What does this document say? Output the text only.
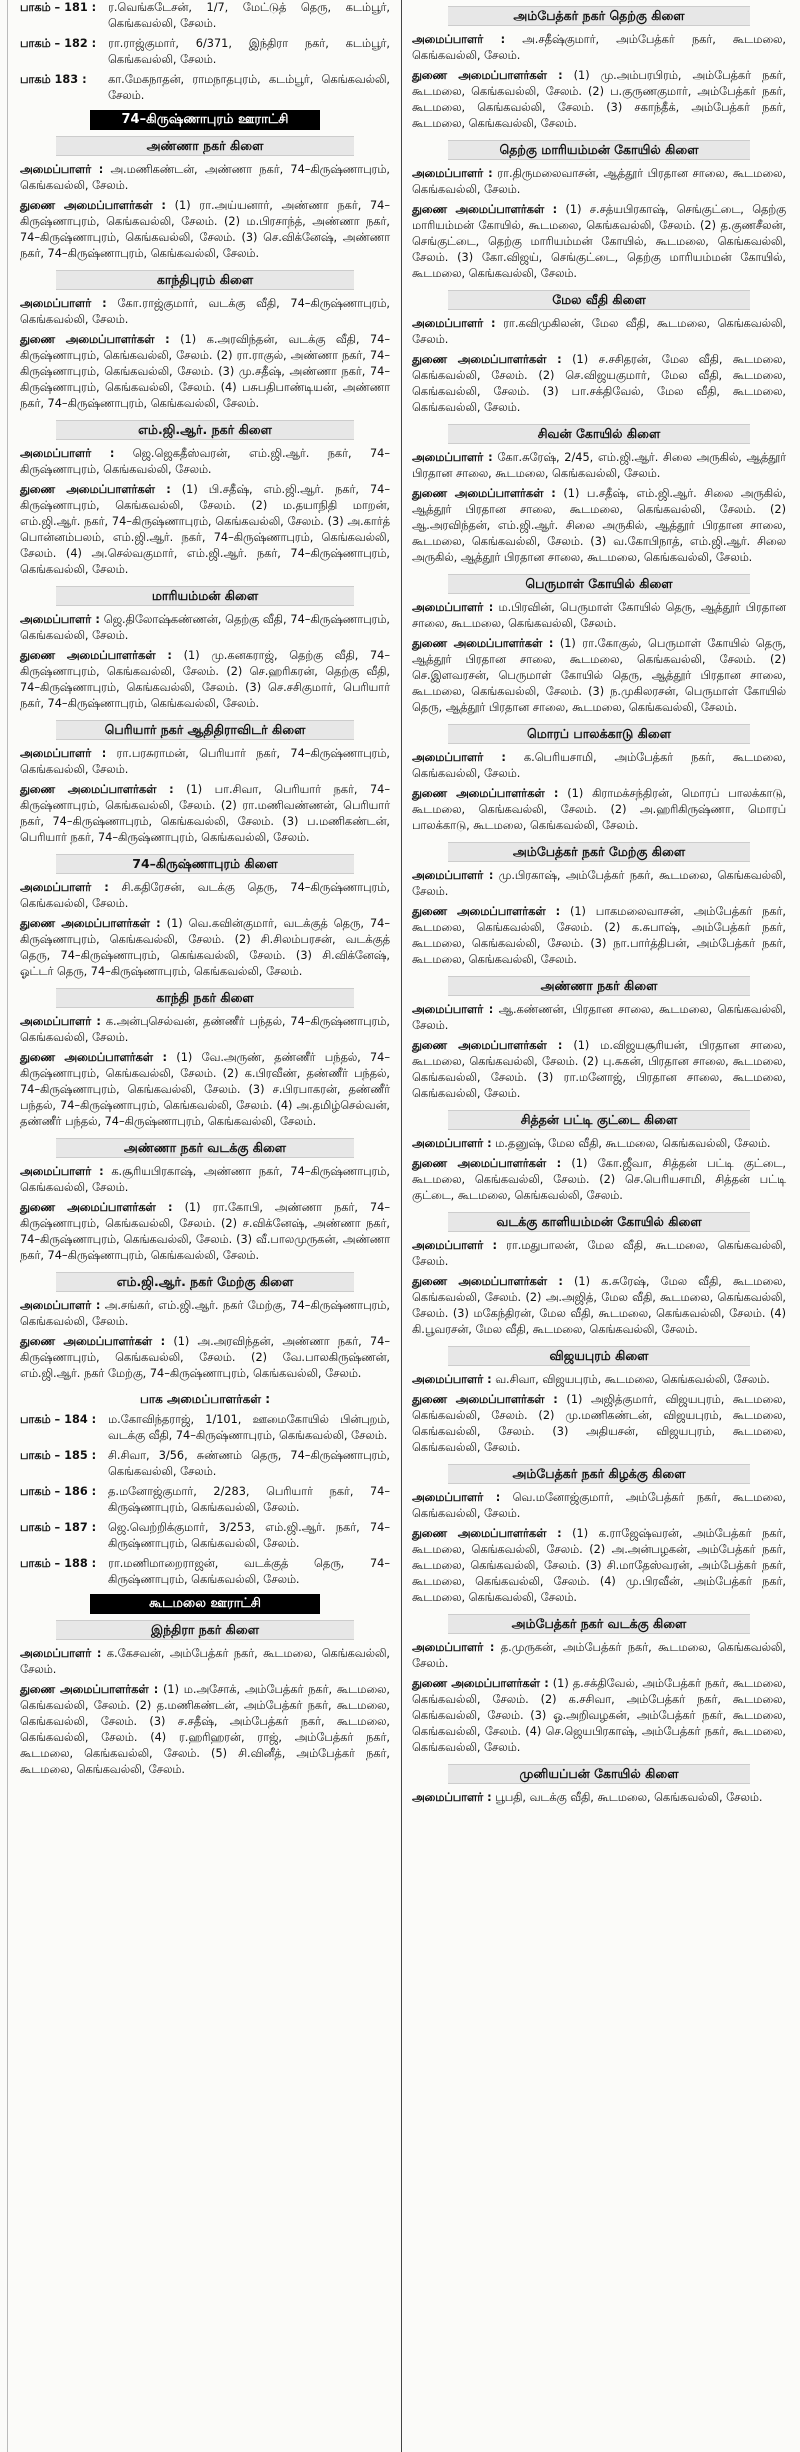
பாகம் – 181 :	ர.வெங்கடேசன், 1/7, மேட்டுத் தெரு, கடம்பூர், கெங்கவல்லி, சேலம்.
பாகம் – 182 :	ரா.ராஜ்குமார், 6/371, இந்திரா நகர், கடம்பூர், கெங்கவல்லி, சேலம்.
பாகம் 183 :	கா.மேகநாதன், ராமநாதபுரம், கடம்பூர், கெங்கவல்லி, சேலம்.
74–கிருஷ்ணாபுரம் ஊராட்சி
அண்ணா நகர் கிளை

அமைப்பாளர் : அ.மணிகண்டன், அண்ணா நகர், 74–கிருஷ்ணாபுரம், கெங்கவல்லி, சேலம்.

துணை அமைப்பாளர்கள் : (1) ரா.அய்யனார், அண்ணா நகர், 74–கிருஷ்ணாபுரம், கெங்கவல்லி, சேலம். (2) ம.பிரசாந்த், அண்ணா நகர், 74–கிருஷ்ணாபுரம், கெங்கவல்லி, சேலம். (3) செ.விக்னேஷ், அண்ணா நகர், 74–கிருஷ்ணாபுரம், கெங்கவல்லி, சேலம்.

காந்திபுரம் கிளை

அமைப்பாளர் : கோ.ராஜ்குமார், வடக்கு வீதி, 74–கிருஷ்ணாபுரம், கெங்கவல்லி, சேலம்.

துணை அமைப்பாளர்கள் : (1) க.அரவிந்தன், வடக்கு வீதி, 74–கிருஷ்ணாபுரம், கெங்கவல்லி, சேலம். (2) ரா.ராகுல், அண்ணா நகர், 74–கிருஷ்ணாபுரம், கெங்கவல்லி, சேலம். (3) மு.சதீஷ், அண்ணா நகர், 74–கிருஷ்ணாபுரம், கெங்கவல்லி, சேலம். (4) பசுபதிபாண்டியன், அண்ணா நகர், 74–கிருஷ்ணாபுரம், கெங்கவல்லி, சேலம்.

எம்.ஜி.ஆர். நகர் கிளை

அமைப்பாளர் : ஜெ.ஜெகதீஸ்வரன், எம்.ஜி.ஆர். நகர், 74–கிருஷ்ணாபுரம், கெங்கவல்லி, சேலம்.

துணை அமைப்பாளர்கள் : (1) பி.சதீஷ், எம்.ஜி.ஆர். நகர், 74–கிருஷ்ணாபுரம், கெங்கவல்லி, சேலம். (2) ம.தயாநிதி மாறன், எம்.ஜி.ஆர். நகர், 74–கிருஷ்ணாபுரம், கெங்கவல்லி, சேலம். (3) அ.கார்த் பொன்னம்பலம், எம்.ஜி.ஆர். நகர், 74–கிருஷ்ணாபுரம், கெங்கவல்லி, சேலம். (4) அ.செல்வகுமார், எம்.ஜி.ஆர். நகர், 74–கிருஷ்ணாபுரம், கெங்கவல்லி, சேலம்.

மாரியம்மன் கிளை

அமைப்பாளர் : ஜெ.திலோஷ்கண்ணன், தெற்கு வீதி, 74–கிருஷ்ணாபுரம், கெங்கவல்லி, சேலம்.

துணை அமைப்பாளர்கள் : (1) மு.கனகராஜ், தெற்கு வீதி, 74–கிருஷ்ணாபுரம், கெங்கவல்லி, சேலம். (2) செ.ஹரிகரன், தெற்கு வீதி, 74–கிருஷ்ணாபுரம், கெங்கவல்லி, சேலம். (3) செ.சசிகுமார், பெரியார் நகர், 74–கிருஷ்ணாபுரம், கெங்கவல்லி, சேலம்.

பெரியார் நகர் ஆதிதிராவிடர் கிளை

அமைப்பாளர் : ரா.பரசுராமன், பெரியார் நகர், 74–கிருஷ்ணாபுரம், கெங்கவல்லி, சேலம்.

துணை அமைப்பாளர்கள் : (1) பா.சிவா, பெரியார் நகர், 74–கிருஷ்ணாபுரம், கெங்கவல்லி, சேலம். (2) ரா.மணிவண்ணன், பெரியார் நகர், 74–கிருஷ்ணாபுரம், கெங்கவல்லி, சேலம். (3) ப.மணிகண்டன், பெரியார் நகர், 74–கிருஷ்ணாபுரம், கெங்கவல்லி, சேலம்.

74–கிருஷ்ணாபுரம் கிளை

அமைப்பாளர் : சி.கதிரேசன், வடக்கு தெரு, 74–கிருஷ்ணாபுரம், கெங்கவல்லி, சேலம்.

துணை அமைப்பாளர்கள் : (1) வெ.கவின்குமார், வடக்குத் தெரு, 74–கிருஷ்ணாபுரம், கெங்கவல்லி, சேலம். (2) சி.சிலம்பரசன், வடக்குத் தெரு, 74–கிருஷ்ணாபுரம், கெங்கவல்லி, சேலம். (3) சி.விக்னேஷ், ஓட்டர் தெரு, 74–கிருஷ்ணாபுரம், கெங்கவல்லி, சேலம்.

காந்தி நகர் கிளை

அமைப்பாளர் : க.அன்புசெல்வன், தண்ணீர் பந்தல், 74–கிருஷ்ணாபுரம், கெங்கவல்லி, சேலம்.

துணை அமைப்பாளர்கள் : (1) வே.அருண், தண்ணீர் பந்தல், 74–கிருஷ்ணாபுரம், கெங்கவல்லி, சேலம். (2) க.பிரவீண், தண்ணீர் பந்தல், 74–கிருஷ்ணாபுரம், கெங்கவல்லி, சேலம். (3) ச.பிரபாகரன், தண்ணீர் பந்தல், 74–கிருஷ்ணாபுரம், கெங்கவல்லி, சேலம். (4) அ.தமிழ்செல்வன், தண்ணீர் பந்தல், 74–கிருஷ்ணாபுரம், கெங்கவல்லி, சேலம்.

அண்ணா நகர் வடக்கு கிளை

அமைப்பாளர் : க.சூரியபிரகாஷ், அண்ணா நகர், 74–கிருஷ்ணாபுரம், கெங்கவல்லி, சேலம்.

துணை அமைப்பாளர்கள் : (1) ரா.கோபி, அண்ணா நகர், 74–கிருஷ்ணாபுரம், கெங்கவல்லி, சேலம். (2) ச.விக்னேஷ், அண்ணா நகர், 74–கிருஷ்ணாபுரம், கெங்கவல்லி, சேலம். (3) வீ.பாலமுருகன், அண்ணா நகர், 74–கிருஷ்ணாபுரம், கெங்கவல்லி, சேலம்.

எம்.ஜி.ஆர். நகர் மேற்கு கிளை

அமைப்பாளர் : அ.சங்கர், எம்.ஜி.ஆர். நகர் மேற்கு, 74–கிருஷ்ணாபுரம், கெங்கவல்லி, சேலம்.

துணை அமைப்பாளர்கள் : (1) அ.அரவிந்தன், அண்ணா நகர், 74–கிருஷ்ணாபுரம், கெங்கவல்லி, சேலம். (2) வே.பாலகிருஷ்ணன், எம்.ஜி.ஆர். நகர் மேற்கு, 74–கிருஷ்ணாபுரம், கெங்கவல்லி, சேலம்.

பாக அமைப்பாளர்கள் :
பாகம் – 184 :	ம.கோவிந்தராஜ், 1/101, ஊமைகோயில் பின்புறம், வடக்கு வீதி, 74–கிருஷ்ணாபுரம், கெங்கவல்லி, சேலம்.
பாகம் – 185 :	சி.சிவா, 3/56, சுண்ணம் தெரு, 74–கிருஷ்ணாபுரம், கெங்கவல்லி, சேலம்.
பாகம் – 186 :	த.மனோஜ்குமார், 2/283, பெரியார் நகர், 74–கிருஷ்ணாபுரம், கெங்கவல்லி, சேலம்.
பாகம் – 187 :	ஜெ.வெற்றிக்குமார், 3/253, எம்.ஜி.ஆர். நகர், 74–கிருஷ்ணாபுரம், கெங்கவல்லி, சேலம்.
பாகம் – 188 :	ரா.மணிமாறைராஜன், வடக்குத் தெரு, 74–கிருஷ்ணாபுரம், கெங்கவல்லி, சேலம்.
கூடமலை ஊராட்சி
இந்திரா நகர் கிளை

அமைப்பாளர் : க.கேசவன், அம்பேத்கர் நகர், கூடமலை, கெங்கவல்லி, சேலம்.

துணை அமைப்பாளர்கள் : (1) ம.அசோக், அம்பேத்கர் நகர், கூடமலை, கெங்கவல்லி, சேலம். (2) த.மணிகண்டன், அம்பேத்கர் நகர், கூடமலை, கெங்கவல்லி, சேலம். (3) ச.சதீஷ், அம்பேத்கர் நகர், கூடமலை, கெங்கவல்லி, சேலம். (4) ர.ஹரிஹரன், ராஜ், அம்பேத்கர் நகர், கூடமலை, கெங்கவல்லி, சேலம். (5) சி.வினீத், அம்பேத்கர் நகர், கூடமலை, கெங்கவல்லி, சேலம்.

அம்பேத்கர் நகர் தெற்கு கிளை

அமைப்பாளர் : அ.சதீஷ்குமார், அம்பேத்கர் நகர், கூடமலை, கெங்கவல்லி, சேலம்.

துணை அமைப்பாளர்கள் : (1) மு.அம்பரபிரம், அம்பேத்கர் நகர், கூடமலை, கெங்கவல்லி, சேலம். (2) ப.குருணகுமார், அம்பேத்கர் நகர், கூடமலை, கெங்கவல்லி, சேலம். (3) சகாந்தீக், அம்பேத்கர் நகர், கூடமலை, கெங்கவல்லி, சேலம்.

தெற்கு மாரியம்மன் கோயில் கிளை

அமைப்பாளர் : ரா.திருமலைவாசன், ஆத்தூர் பிரதான சாலை, கூடமலை, கெங்கவல்லி, சேலம்.

துணை அமைப்பாளர்கள் : (1) ச.சத்யபிரகாஷ், செங்குட்டை, தெற்கு மாரியம்மன் கோயில், கூடமலை, கெங்கவல்லி, சேலம். (2) த.குணசீலன், செங்குட்டை, தெற்கு மாரியம்மன் கோயில், கூடமலை, கெங்கவல்லி, சேலம். (3) கோ.விஜய், செங்குட்டை, தெற்கு மாரியம்மன் கோயில், கூடமலை, கெங்கவல்லி, சேலம்.

மேல வீதி கிளை

அமைப்பாளர் : ரா.கவிமுகிலன், மேல வீதி, கூடமலை, கெங்கவல்லி, சேலம்.

துணை அமைப்பாளர்கள் : (1) ச.சசிதரன், மேல வீதி, கூடமலை, கெங்கவல்லி, சேலம். (2) செ.விஜயகுமார், மேல வீதி, கூடமலை, கெங்கவல்லி, சேலம். (3) பா.சக்திவேல், மேல வீதி, கூடமலை, கெங்கவல்லி, சேலம்.

சிவன் கோயில் கிளை

அமைப்பாளர் : கோ.சுரேஷ், 2/45, எம்.ஜி.ஆர். சிலை அருகில், ஆத்தூர் பிரதான சாலை, கூடமலை, கெங்கவல்லி, சேலம்.

துணை அமைப்பாளர்கள் : (1) ப.சதீஷ், எம்.ஜி.ஆர். சிலை அருகில், ஆத்தூர் பிரதான சாலை, கூடமலை, கெங்கவல்லி, சேலம். (2) ஆ.அரவிந்தன், எம்.ஜி.ஆர். சிலை அருகில், ஆத்தூர் பிரதான சாலை, கூடமலை, கெங்கவல்லி, சேலம். (3) வ.கோபிநாத், எம்.ஜி.ஆர். சிலை அருகில், ஆத்தூர் பிரதான சாலை, கூடமலை, கெங்கவல்லி, சேலம்.

பெருமாள் கோயில் கிளை

அமைப்பாளர் : ம.பிரவின், பெருமாள் கோயில் தெரு, ஆத்தூர் பிரதான சாலை, கூடமலை, கெங்கவல்லி, சேலம்.

துணை அமைப்பாளர்கள் : (1) ரா.கோகுல், பெருமாள் கோயில் தெரு, ஆத்தூர் பிரதான சாலை, கூடமலை, கெங்கவல்லி, சேலம். (2) செ.இளவரசன், பெருமாள் கோயில் தெரு, ஆத்தூர் பிரதான சாலை, கூடமலை, கெங்கவல்லி, சேலம். (3) ந.முகிலரசன், பெருமாள் கோயில் தெரு, ஆத்தூர் பிரதான சாலை, கூடமலை, கெங்கவல்லி, சேலம்.

மொரப் பாலக்காடு கிளை

அமைப்பாளர் : க.பெரியசாமி, அம்பேத்கர் நகர், கூடமலை, கெங்கவல்லி, சேலம்.

துணை அமைப்பாளர்கள் : (1) கிராமக்சந்திரன், மொரப் பாலக்காடு, கூடமலை, கெங்கவல்லி, சேலம். (2) அ.ஹரிகிருஷ்ணா, மொரப் பாலக்காடு, கூடமலை, கெங்கவல்லி, சேலம்.

அம்பேத்கர் நகர் மேற்கு கிளை

அமைப்பாளர் : மு.பிரகாஷ், அம்பேத்கர் நகர், கூடமலை, கெங்கவல்லி, சேலம்.

துணை அமைப்பாளர்கள் : (1) பாகமலைவாசன், அம்பேத்கர் நகர், கூடமலை, கெங்கவல்லி, சேலம். (2) க.சுபாஷ், அம்பேத்கர் நகர், கூடமலை, கெங்கவல்லி, சேலம். (3) நா.பார்த்திபன், அம்பேத்கர் நகர், கூடமலை, கெங்கவல்லி, சேலம்.

அண்ணா நகர் கிளை

அமைப்பாளர் : ஆ.கண்ணன், பிரதான சாலை, கூடமலை, கெங்கவல்லி, சேலம்.

துணை அமைப்பாளர்கள் : (1) ம.விஜயசூரியன், பிரதான சாலை, கூடமலை, கெங்கவல்லி, சேலம். (2) பு.சுகன், பிரதான சாலை, கூடமலை, கெங்கவல்லி, சேலம். (3) ரா.மனோஜ், பிரதான சாலை, கூடமலை, கெங்கவல்லி, சேலம்.

சித்தன் பட்டி குட்டை கிளை

அமைப்பாளர் : ம.தனுஷ், மேல வீதி, கூடமலை, கெங்கவல்லி, சேலம்.

துணை அமைப்பாளர்கள் : (1) கோ.ஜீவா, சித்தன் பட்டி குட்டை, கூடமலை, கெங்கவல்லி, சேலம். (2) செ.பெரியசாமி, சித்தன் பட்டி குட்டை, கூடமலை, கெங்கவல்லி, சேலம்.

வடக்கு காளியம்மன் கோயில் கிளை

அமைப்பாளர் : ரா.மதுபாலன், மேல வீதி, கூடமலை, கெங்கவல்லி, சேலம்.

துணை அமைப்பாளர்கள் : (1) க.சுரேஷ், மேல வீதி, கூடமலை, கெங்கவல்லி, சேலம். (2) அ.அஜித், மேல வீதி, கூடமலை, கெங்கவல்லி, சேலம். (3) மகேந்திரன், மேல வீதி, கூடமலை, கெங்கவல்லி, சேலம். (4) கி.பூவரசன், மேல வீதி, கூடமலை, கெங்கவல்லி, சேலம்.

விஜயபுரம் கிளை

அமைப்பாளர் : வ.சிவா, விஜயபுரம், கூடமலை, கெங்கவல்லி, சேலம்.

துணை அமைப்பாளர்கள் : (1) அஜித்குமார், விஜயபுரம், கூடமலை, கெங்கவல்லி, சேலம். (2) மு.மணிகண்டன், விஜயபுரம், கூடமலை, கெங்கவல்லி, சேலம். (3) அதியசன், விஜயபுரம், கூடமலை, கெங்கவல்லி, சேலம்.

அம்பேத்கர் நகர் கிழக்கு கிளை

அமைப்பாளர் : வெ.மனோஜ்குமார், அம்பேத்கர் நகர், கூடமலை, கெங்கவல்லி, சேலம்.

துணை அமைப்பாளர்கள் : (1) க.ராஜேஷ்வரன், அம்பேத்கர் நகர், கூடமலை, கெங்கவல்லி, சேலம். (2) அ.அன்பழகன், அம்பேத்கர் நகர், கூடமலை, கெங்கவல்லி, சேலம். (3) சி.மாதேஸ்வரன், அம்பேத்கர் நகர், கூடமலை, கெங்கவல்லி, சேலம். (4) மு.பிரவீன், அம்பேத்கர் நகர், கூடமலை, கெங்கவல்லி, சேலம்.

அம்பேத்கர் நகர் வடக்கு கிளை

அமைப்பாளர் : த.முருகன், அம்பேத்கர் நகர், கூடமலை, கெங்கவல்லி, சேலம்.

துணை அமைப்பாளர்கள் : (1) த.சக்திவேல், அம்பேத்கர் நகர், கூடமலை, கெங்கவல்லி, சேலம். (2) க.சசிவா, அம்பேத்கர் நகர், கூடமலை, கெங்கவல்லி, சேலம். (3) ஓ.அறிவழகன், அம்பேத்கர் நகர், கூடமலை, கெங்கவல்லி, சேலம். (4) செ.ஜெயபிரகாஷ், அம்பேத்கர் நகர், கூடமலை, கெங்கவல்லி, சேலம்.

முனியப்பன் கோயில் கிளை

அமைப்பாளர் : பூபதி, வடக்கு வீதி, கூடமலை, கெங்கவல்லி, சேலம்.
